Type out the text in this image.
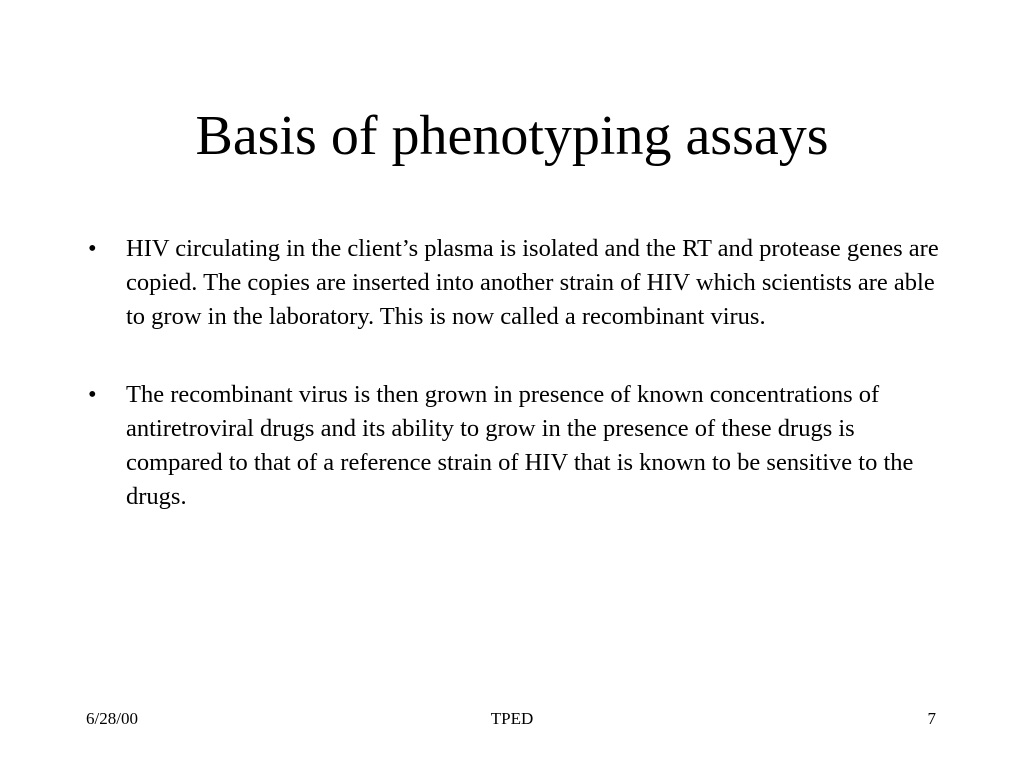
Basis of phenotyping assays
•	HIV circulating in the client’s plasma is isolated and the RT and protease genes are copied. The copies are inserted into another strain of HIV which scientists are able to grow in the laboratory. This is now called a recombinant virus.
•	The recombinant virus is then grown in presence of known concentrations of antiretroviral drugs and its ability to grow in the presence of these drugs is compared to that of a reference strain of HIV that is known to be sensitive to the drugs.
6/28/00	TPED	7
